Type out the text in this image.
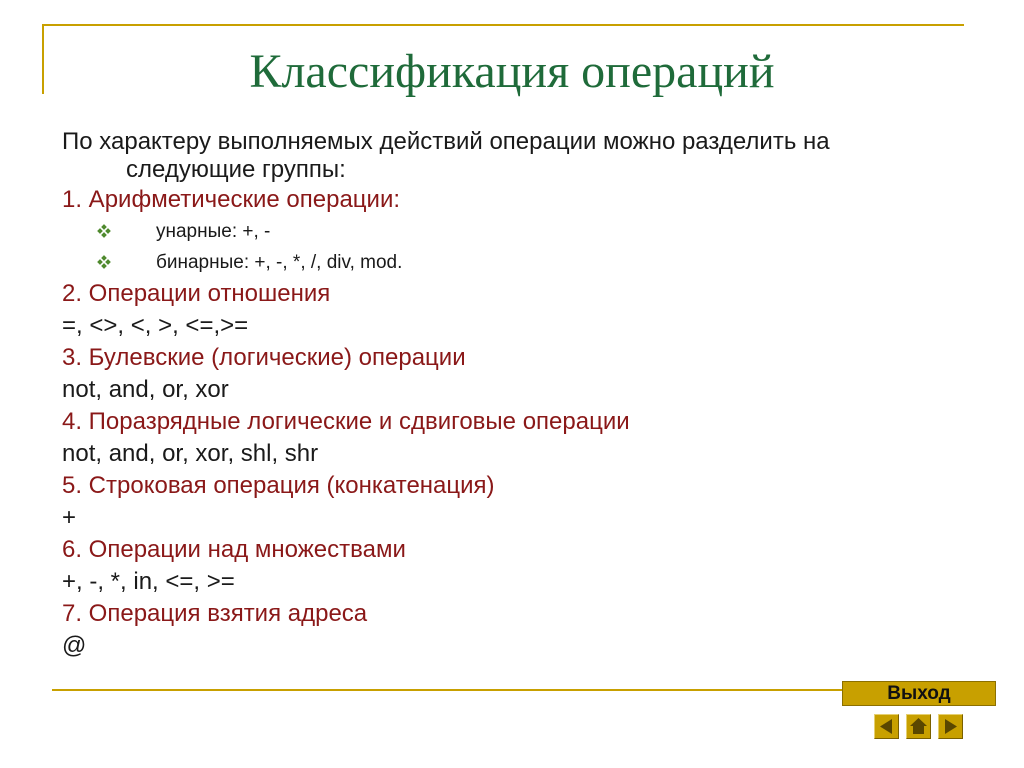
Классификация операций

По характеру выполняемых действий операции можно разделить на следующие группы:

1. Арифметические операции:

унарные: +, -

бинарные: +, -, *, /, div, mod.

2. Операции отношения

=, <>, <, >, <=,>=

3. Булевские (логические) операции

not, and, or, xor

4. Поразрядные логические и сдвиговые операции

not, and, or, xor, shl, shr

5. Строковая операция (конкатенация)

+

6. Операции над множествами

+, -, *, in, <=, >=

7. Операция взятия адреса

@

Выход
